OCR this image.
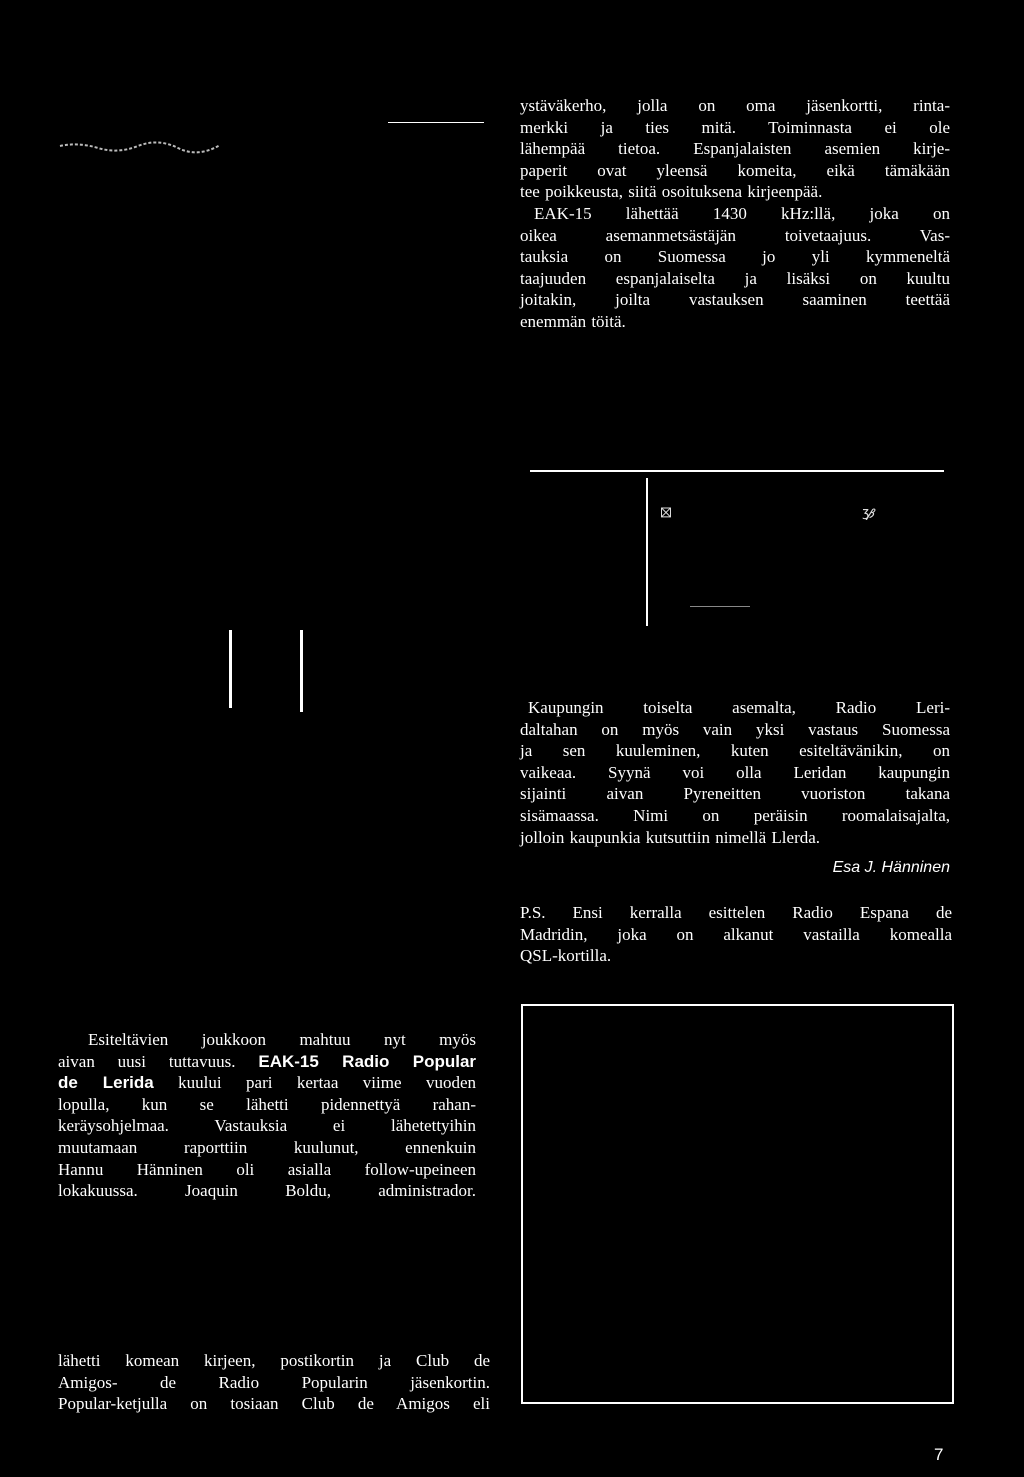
🝱	🝲
ystäväkerho, jolla on oma jäsenkortti, rinta-
merkki ja ties mitä. Toiminnasta ei ole
lähempää tietoa. Espanjalaisten asemien kirje-
paperit ovat yleensä komeita, eikä tämäkään
tee poikkeusta, siitä osoituksena kirjeenpää.
EAK-15 lähettää 1430 kHz:llä, joka on
oikea asemanmetsästäjän toivetaajuus. Vas-
tauksia on Suomessa jo yli kymmeneltä
taajuuden espanjalaiselta ja lisäksi on kuultu
joitakin, joilta vastauksen saaminen teettää
enemmän töitä.
Kaupungin toiselta asemalta, Radio Leri-
daltahan on myös vain yksi vastaus Suomessa
ja sen kuuleminen, kuten esiteltävänikin, on
vaikeaa. Syynä voi olla Leridan kaupungin
sijainti aivan Pyreneitten vuoriston takana
sisämaassa. Nimi on peräisin roomalaisajalta,
jolloin kaupunkia kutsuttiin nimellä Llerda.
Esa J. Hänninen
P.S. Ensi kerralla esittelen Radio Espana de
Madridin, joka on alkanut vastailla komealla
QSL-kortilla.
Esiteltävien joukkoon mahtuu nyt myös
aivan uusi tuttavuus. EAK-15 Radio Popular
de Lerida kuului pari kertaa viime vuoden
lopulla, kun se lähetti pidennettyä rahan-
keräysohjelmaa. Vastauksia ei lähetettyihin
muutamaan raporttiin kuulunut, ennenkuin
Hannu Hänninen oli asialla follow-upeineen
lokakuussa. Joaquin Boldu, administrador.
lähetti komean kirjeen, postikortin ja Club de
Amigos- de Radio Popularin jäsenkortin.
Popular-ketjulla on tosiaan Club de Amigos eli
7
